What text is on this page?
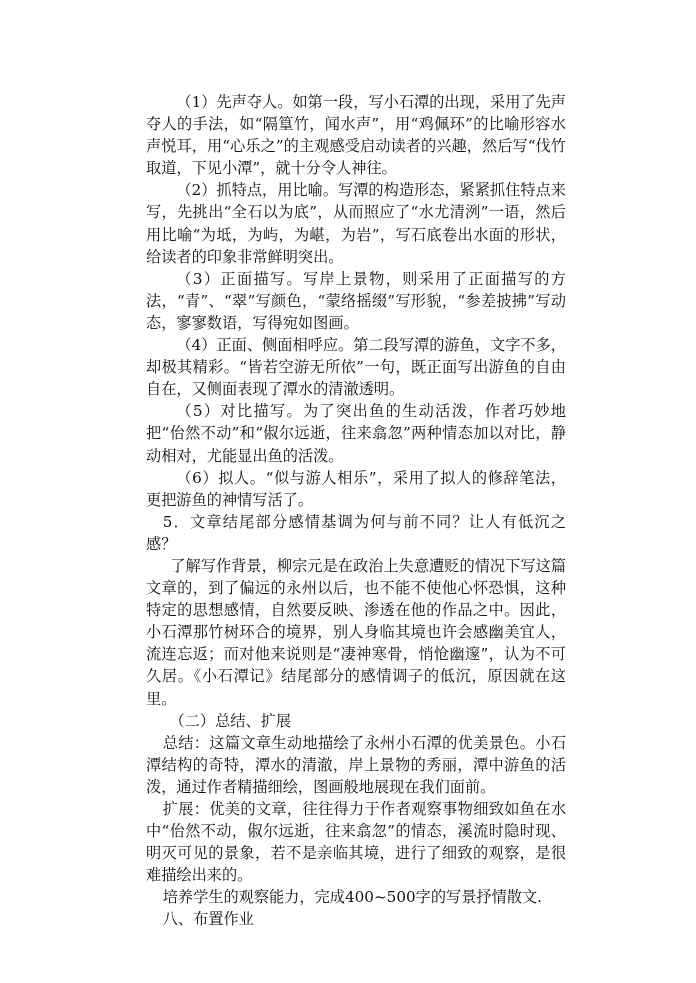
（1）先声夺人。如第一段，写小石潭的出现，采用了先声夺人的手法，如“隔篁竹，闻水声”，用“鸡佩环”的比喻形容水声悦耳，用“心乐之”的主观感受启动读者的兴趣，然后写“伐竹取道，下见小潭”，就十分令人神往。

（2）抓特点，用比喻。写潭的构造形态，紧紧抓住特点来写，先挑出“全石以为底”，从而照应了“水尤清洌”一语，然后用比喻“为坻，为屿，为嵁，为岩”，写石底卷出水面的形状，给读者的印象非常鲜明突出。

（3）正面描写。写岸上景物，则采用了正面描写的方法，“青”、“翠”写颜色，“蒙络摇缀”写形貌，“参差披拂”写动态，寥寥数语，写得宛如图画。

（4）正面、侧面相呼应。第二段写潭的游鱼，文字不多，却极其精彩。“皆若空游无所依”一句，既正面写出游鱼的自由自在，又侧面表现了潭水的清澈透明。

（5）对比描写。为了突出鱼的生动活泼，作者巧妙地把“佁然不动”和“俶尔远逝，往来翕忽”两种情态加以对比，静动相对，尤能显出鱼的活泼。

（6）拟人。“似与游人相乐”，采用了拟人的修辞笔法，更把游鱼的神情写活了。

5．文章结尾部分感情基调为何与前不同？让人有低沉之感？

了解写作背景，柳宗元是在政治上失意遭贬的情况下写这篇文章的，到了偏远的永州以后，也不能不使他心怀恐惧，这种特定的思想感情，自然要反映、渗透在他的作品之中。因此，小石潭那竹树环合的境界，别人身临其境也许会感幽美宜人，流连忘返；而对他来说则是“凄神寒骨，悄怆幽邃”，认为不可久居。《小石潭记》结尾部分的感情调子的低沉，原因就在这里。

（二）总结、扩展

总结：这篇文章生动地描绘了永州小石潭的优美景色。小石潭结构的奇特，潭水的清澈，岸上景物的秀丽，潭中游鱼的活泼，通过作者精描细绘，图画般地展现在我们面前。

扩展：优美的文章，往往得力于作者观察事物细致如鱼在水中“佁然不动，俶尔远逝，往来翕忽”的情态，溪流时隐时现、明灭可见的景象，若不是亲临其境，进行了细致的观察，是很难描绘出来的。

培养学生的观察能力，完成400~500字的写景抒情散文.

八、布置作业
